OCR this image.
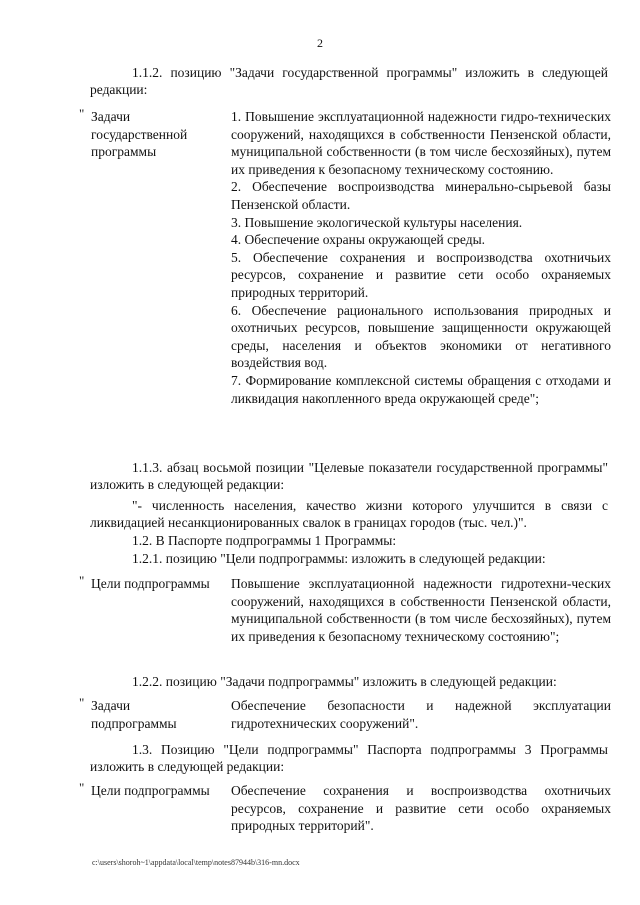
2
1.1.2. позицию "Задачи государственной программы" изложить в следующей редакции:
" Задачи государственной программы
1. Повышение эксплуатационной надежности гидро-технических сооружений, находящихся в собственности Пензенской области, муниципальной собственности (в том числе бесхозяйных), путем их приведения к безопасному техническому состоянию.
2. Обеспечение воспроизводства минерально-сырьевой базы Пензенской области.
3. Повышение экологической культуры населения.
4. Обеспечение охраны окружающей среды.
5. Обеспечение сохранения и воспроизводства охотничьих ресурсов, сохранение и развитие сети особо охраняемых природных территорий.
6. Обеспечение рационального использования природных и охотничьих ресурсов, повышение защищенности окружающей среды, населения и объектов экономики от негативного воздействия вод.
7. Формирование комплексной системы обращения с отходами и ликвидация накопленного вреда окружающей среде";
1.1.3. абзац восьмой позиции "Целевые показатели государственной программы" изложить в следующей редакции:
"- численность населения, качество жизни которого улучшится в связи с ликвидацией несанкционированных свалок в границах городов (тыс. чел.)".
1.2. В Паспорте подпрограммы 1 Программы:
1.2.1. позицию "Цели подпрограммы: изложить в следующей редакции:
" Цели подпрограммы Повышение эксплуатационной надежности гидротехни-ческих сооружений, находящихся в собственности Пензенской области, муниципальной собственности (в том числе бесхозяйных), путем их приведения к безопасному техническому состоянию";
1.2.2. позицию "Задачи подпрограммы" изложить в следующей редакции:
" Задачи подпрограммы
Обеспечение безопасности и надежной эксплуатации гидротехнических сооружений".
1.3. Позицию "Цели подпрограммы" Паспорта подпрограммы 3 Программы изложить в следующей редакции:
" Цели подпрограммы Обеспечение сохранения и воспроизводства охотничьих ресурсов, сохранение и развитие сети особо охраняемых природных территорий".
c:\users\shoroh~1\appdata\local\temp\notes87944b\316-mn.docx
